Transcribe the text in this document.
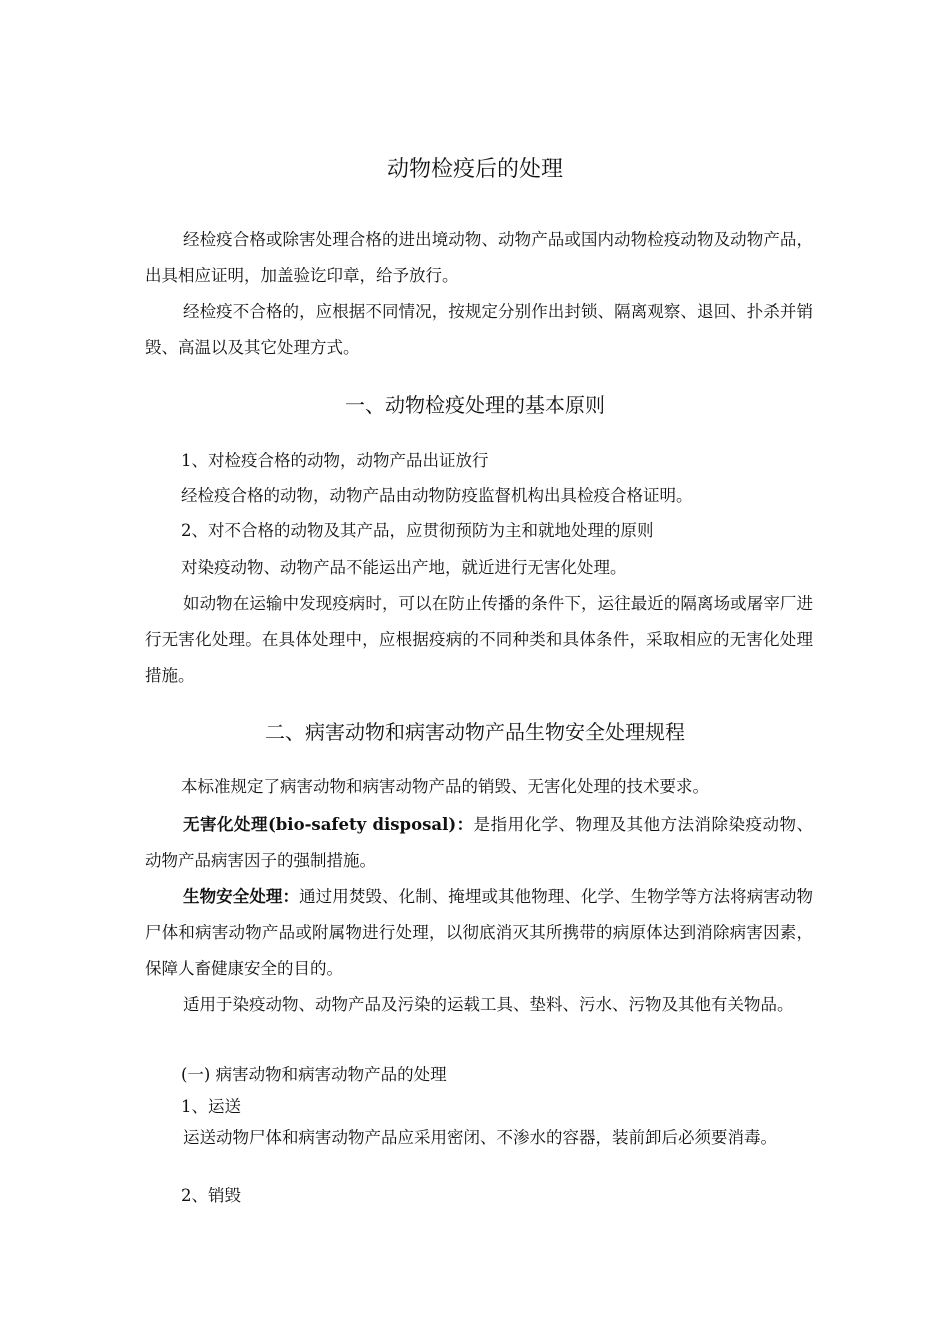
动物检疫后的处理

经检疫合格或除害处理合格的进出境动物、动物产品或国内动物检疫动物及动物产品，出具相应证明，加盖验讫印章，给予放行。

经检疫不合格的，应根据不同情况，按规定分别作出封锁、隔离观察、退回、扑杀并销毁、高温以及其它处理方式。

一、动物检疫处理的基本原则
1、对检疫合格的动物，动物产品出证放行
经检疫合格的动物，动物产品由动物防疫监督机构出具检疫合格证明。
2、对不合格的动物及其产品，应贯彻预防为主和就地处理的原则
对染疫动物、动物产品不能运出产地，就近进行无害化处理。

如动物在运输中发现疫病时，可以在防止传播的条件下，运往最近的隔离场或屠宰厂进行无害化处理。在具体处理中，应根据疫病的不同种类和具体条件，采取相应的无害化处理措施。

二、病害动物和病害动物产品生物安全处理规程
本标准规定了病害动物和病害动物产品的销毁、无害化处理的技术要求。

无害化处理(bio-safety disposal)：是指用化学、物理及其他方法消除染疫动物、动物产品病害因子的强制措施。

生物安全处理：通过用焚毁、化制、掩埋或其他物理、化学、生物学等方法将病害动物尸体和病害动物产品或附属物进行处理，以彻底消灭其所携带的病原体达到消除病害因素，保障人畜健康安全的目的。

适用于染疫动物、动物产品及污染的运载工具、垫料、污水、污物及其他有关物品。

(一) 病害动物和病害动物产品的处理
1、运送

运送动物尸体和病害动物产品应采用密闭、不渗水的容器，装前卸后必须要消毒。

2、销毁
